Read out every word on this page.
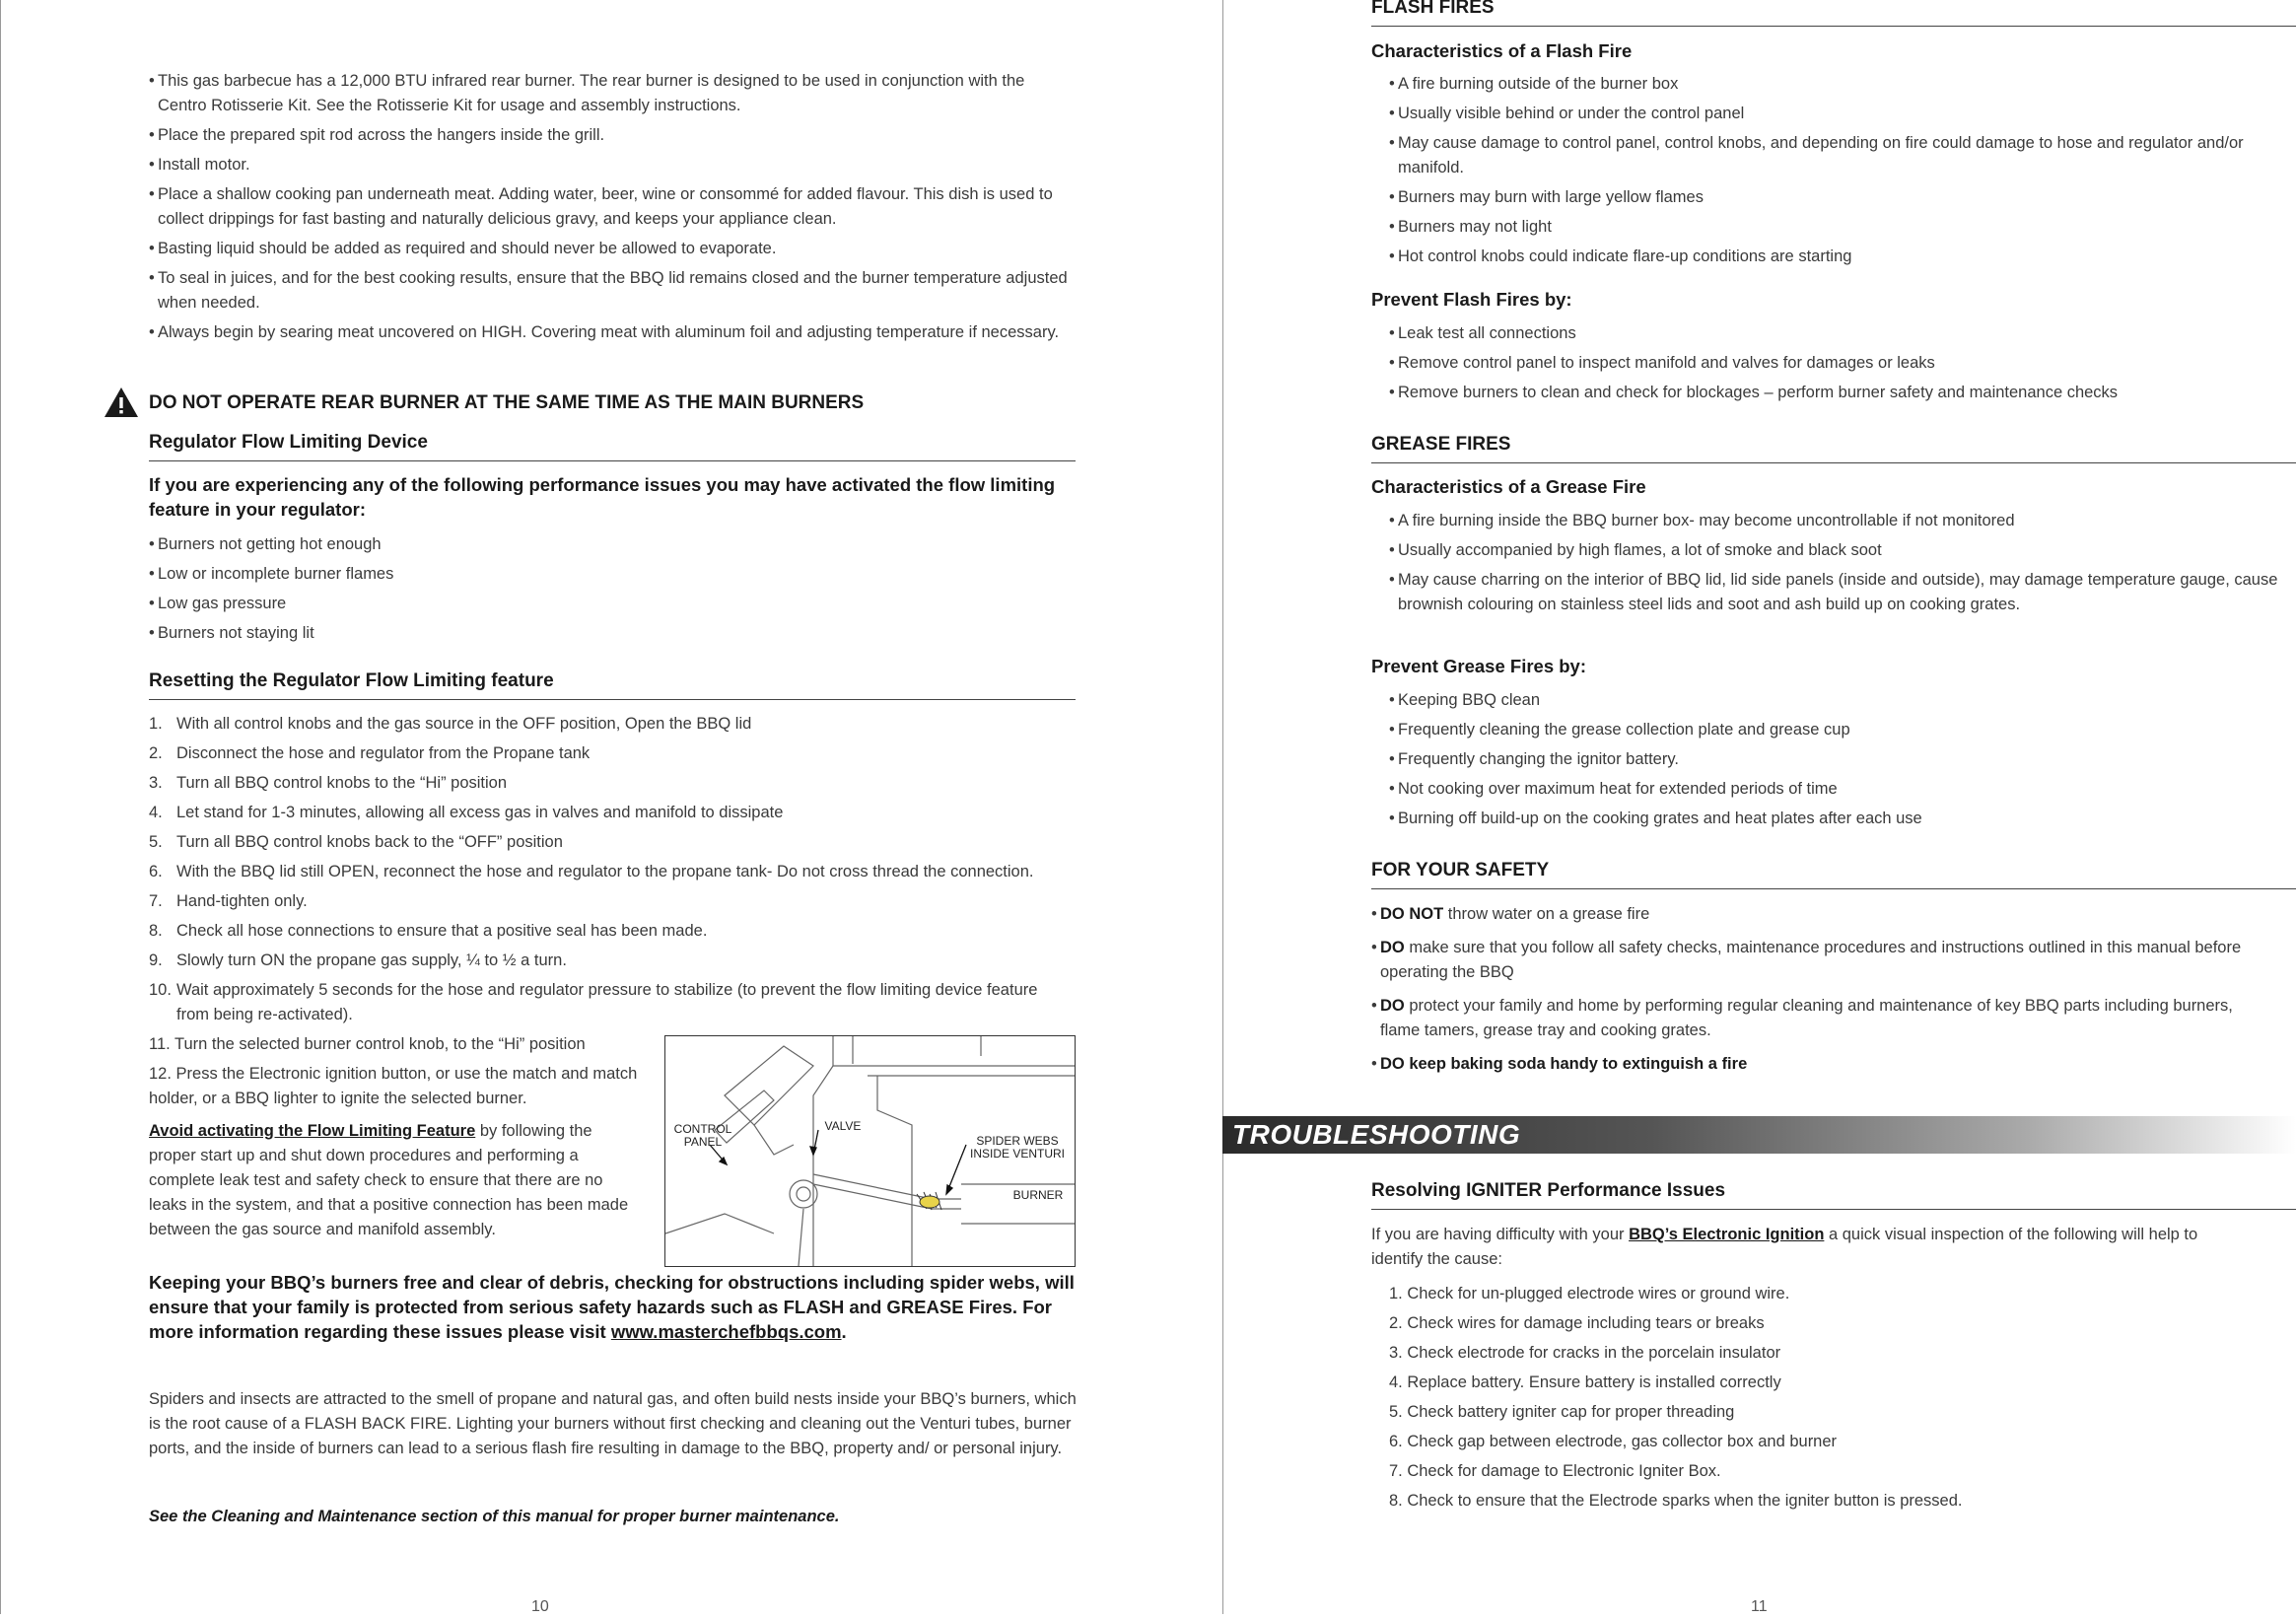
• This gas barbecue has a 12,000 BTU infrared rear burner. The rear burner is designed to be used in conjunction with the Centro Rotisserie Kit. See the Rotisserie Kit for usage and assembly instructions.
• Place the prepared spit rod across the hangers inside the grill.
• Install motor.
• Place a shallow cooking pan underneath meat. Adding water, beer, wine or consommé for added flavour. This dish is used to collect drippings for fast basting and naturally delicious gravy, and keeps your appliance clean.
• Basting liquid should be added as required and should never be allowed to evaporate.
• To seal in juices, and for the best cooking results, ensure that the BBQ lid remains closed and the burner temperature adjusted when needed.
• Always begin by searing meat uncovered on HIGH. Covering meat with aluminum foil and adjusting temperature if necessary.
DO NOT OPERATE REAR BURNER AT THE SAME TIME AS THE MAIN BURNERS
Regulator Flow Limiting Device
If you are experiencing any of the following performance issues you may have activated the flow limiting feature in your regulator:
• Burners not getting hot enough
• Low or incomplete burner flames
• Low gas pressure
• Burners not staying lit
Resetting the Regulator Flow Limiting feature
1. With all control knobs and the gas source in the OFF position, Open the BBQ lid
2. Disconnect the hose and regulator from the Propane tank
3. Turn all BBQ control knobs to the “Hi” position
4. Let stand for 1-3 minutes, allowing all excess gas in valves and manifold to dissipate
5. Turn all BBQ control knobs back to the “OFF” position
6. With the BBQ lid still OPEN, reconnect the hose and regulator to the propane tank- Do not cross thread the connection.
7. Hand-tighten only.
8. Check all hose connections to ensure that a positive seal has been made.
9. Slowly turn ON the propane gas supply, ¼ to ½ a turn.
10. Wait approximately 5 seconds for the hose and regulator pressure to stabilize (to prevent the flow limiting device feature from being re-activated).
11. Turn the selected burner control knob, to the “Hi” position
12. Press the Electronic ignition button, or use the match and match holder, or a BBQ lighter to ignite the selected burner.
Avoid activating the Flow Limiting Feature by following the proper start up and shut down procedures and performing a complete leak test and safety check to ensure that there are no leaks in the system, and that a positive connection has been made between the gas source and manifold assembly.
CONTROL PANEL
VALVE
SPIDER WEBS INSIDE VENTURI
BURNER
Keeping your BBQ’s burners free and clear of debris, checking for obstructions including spider webs, will ensure that your family is protected from serious safety hazards such as FLASH and GREASE Fires. For more information regarding these issues please visit www.masterchefbbqs.com.
Spiders and insects are attracted to the smell of propane and natural gas, and often build nests inside your BBQ’s burners, which is the root cause of a FLASH BACK FIRE. Lighting your burners without first checking and cleaning out the Venturi tubes, burner ports, and the inside of burners can lead to a serious flash fire resulting in damage to the BBQ, property and/ or personal injury.
See the Cleaning and Maintenance section of this manual for proper burner maintenance.
10
FLASH FIRES
Characteristics of a Flash Fire
• A fire burning outside of the burner box
• Usually visible behind or under the control panel
• May cause damage to control panel, control knobs, and depending on fire could damage to hose and regulator and/or manifold.
• Burners may burn with large yellow flames
• Burners may not light
• Hot control knobs could indicate flare-up conditions are starting
Prevent Flash Fires by:
• Leak test all connections
• Remove control panel to inspect manifold and valves for damages or leaks
• Remove burners to clean and check for blockages – perform burner safety and maintenance checks
GREASE FIRES
Characteristics of a Grease Fire
• A fire burning inside the BBQ burner box- may become uncontrollable if not monitored
• Usually accompanied by high flames, a lot of smoke and black soot
• May cause charring on the interior of BBQ lid, lid side panels (inside and outside), may damage temperature gauge, cause brownish colouring on stainless steel lids and soot and ash build up on cooking grates.
Prevent Grease Fires by:
• Keeping BBQ clean
• Frequently cleaning the grease collection plate and grease cup
• Frequently changing the ignitor battery.
• Not cooking over maximum heat for extended periods of time
• Burning off build-up on the cooking grates and heat plates after each use
FOR YOUR SAFETY
• DO NOT throw water on a grease fire
• DO make sure that you follow all safety checks, maintenance procedures and instructions outlined in this manual before operating the BBQ
• DO protect your family and home by performing regular cleaning and maintenance of key BBQ parts including burners, flame tamers, grease tray and cooking grates.
• DO keep baking soda handy to extinguish a fire
Resolving IGNITER Performance Issues
If you are having difficulty with your BBQ’s Electronic Ignition a quick visual inspection of the following will help to identify the cause:
1. Check for un-plugged electrode wires or ground wire.
2. Check wires for damage including tears or breaks
3. Check electrode for cracks in the porcelain insulator
4. Replace battery. Ensure battery is installed correctly
5. Check battery igniter cap for proper threading
6. Check gap between electrode, gas collector box and burner
7. Check for damage to Electronic Igniter Box.
8. Check to ensure that the Electrode sparks when the igniter button is pressed.
11
TROUBLESHOOTING
